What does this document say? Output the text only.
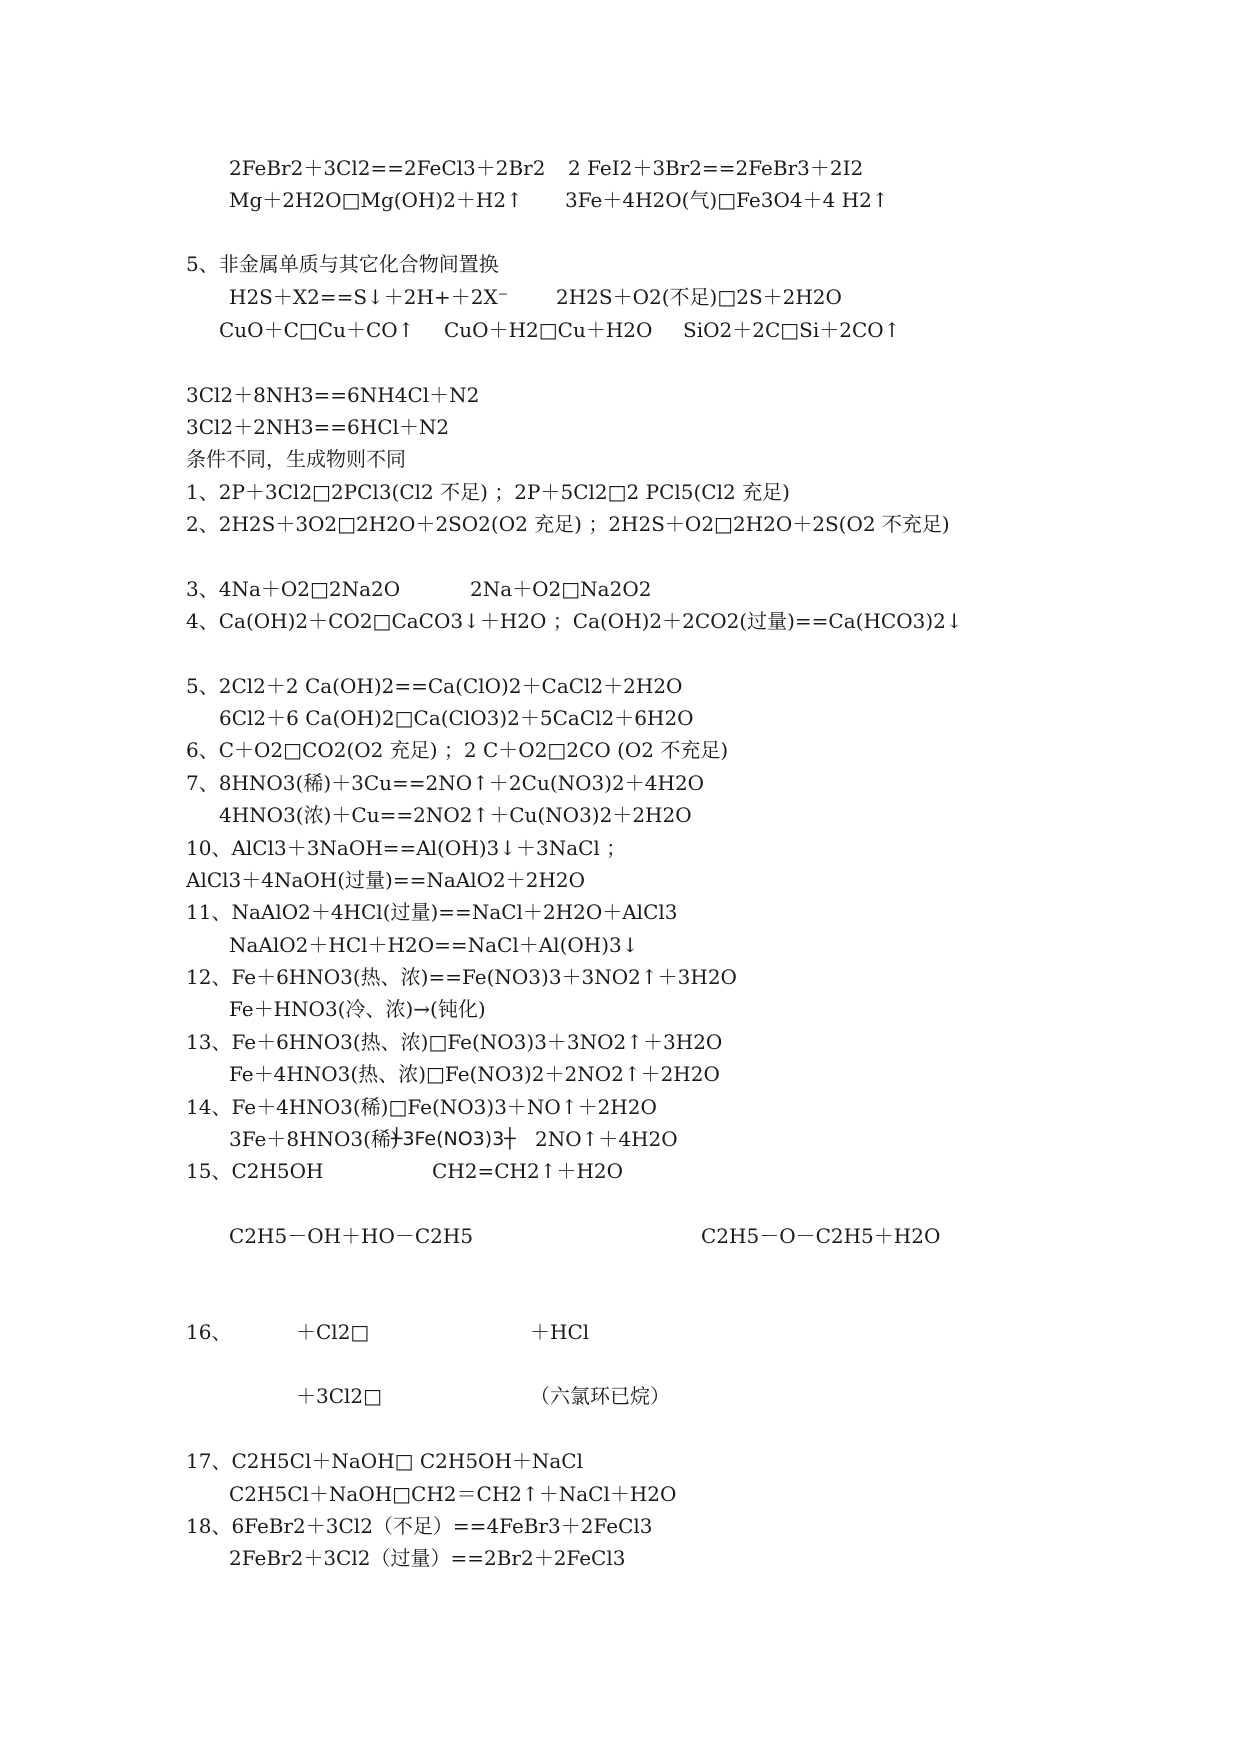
2FeBr2＋3Cl2==2FeCl3＋2Br2 2 FeI2＋3Br2==2FeBr3＋2I2
Mg＋2H2O□Mg(OH)2＋H2↑ 3Fe＋4H2O(气)□Fe3O4＋4 H2↑
5、非金属单质与其它化合物间置换
H2S＋X2==S↓＋2H+＋2X⁻ 2H2S＋O2(不足)□2S＋2H2O
CuO＋C□Cu＋CO↑ CuO＋H2□Cu＋H2O SiO2＋2C□Si＋2CO↑
3Cl2＋8NH3==6NH4Cl＋N2
3Cl2＋2NH3==6HCl＋N2
条件不同，生成物则不同
1、2P＋3Cl2□2PCl3(Cl2 不足) ；2P＋5Cl2□2 PCl5(Cl2 充足)
2、2H2S＋3O2□2H2O＋2SO2(O2 充足) ；2H2S＋O2□2H2O＋2S(O2 不充足)
3、4Na＋O2□2Na2O	2Na＋O2□Na2O2
4、Ca(OH)2＋CO2□CaCO3↓＋H2O ；Ca(OH)2＋2CO2(过量)==Ca(HCO3)2↓
5、2Cl2＋2 Ca(OH)2==Ca(ClO)2＋CaCl2＋2H2O
6Cl2＋6 Ca(OH)2□Ca(ClO3)2＋5CaCl2＋6H2O
6、C＋O2□CO2(O2 充足) ；2 C＋O2□2CO (O2 不充足)
7、8HNO3(稀)＋3Cu==2NO↑＋2Cu(NO3)2＋4H2O
4HNO3(浓)＋Cu==2NO2↑＋Cu(NO3)2＋2H2O
10、AlCl3＋3NaOH==Al(OH)3↓＋3NaCl ；
AlCl3＋4NaOH(过量)==NaAlO2＋2H2O
11、NaAlO2＋4HCl(过量)==NaCl＋2H2O＋AlCl3
NaAlO2＋HCl＋H2O==NaCl＋Al(OH)3↓
12、Fe＋6HNO3(热、浓)==Fe(NO3)3＋3NO2↑＋3H2O
Fe＋HNO3(冷、浓)→(钝化)
13、Fe＋6HNO3(热、浓)□Fe(NO3)3＋3NO2↑＋3H2O
Fe＋4HNO3(热、浓)□Fe(NO3)2＋2NO2↑＋2H2O
14、Fe＋4HNO3(稀)□Fe(NO3)3＋NO↑＋2H2O
3Fe＋8HNO3(稀)
┴3Fe(NO3)3┼ 2NO↑＋4H2O
15、C2H5OH	CH2=CH2↑＋H2O
C2H5－OH＋HO－C2H5	C2H5－O－C2H5＋H2O
16、	＋Cl2□	＋HCl
＋3Cl2□	（六氯环已烷）
17、C2H5Cl＋NaOH□ C2H5OH＋NaCl
C2H5Cl＋NaOH□CH2＝CH2↑＋NaCl＋H2O
18、6FeBr2＋3Cl2（不足）==4FeBr3＋2FeCl3
2FeBr2＋3Cl2（过量）==2Br2＋2FeCl3
